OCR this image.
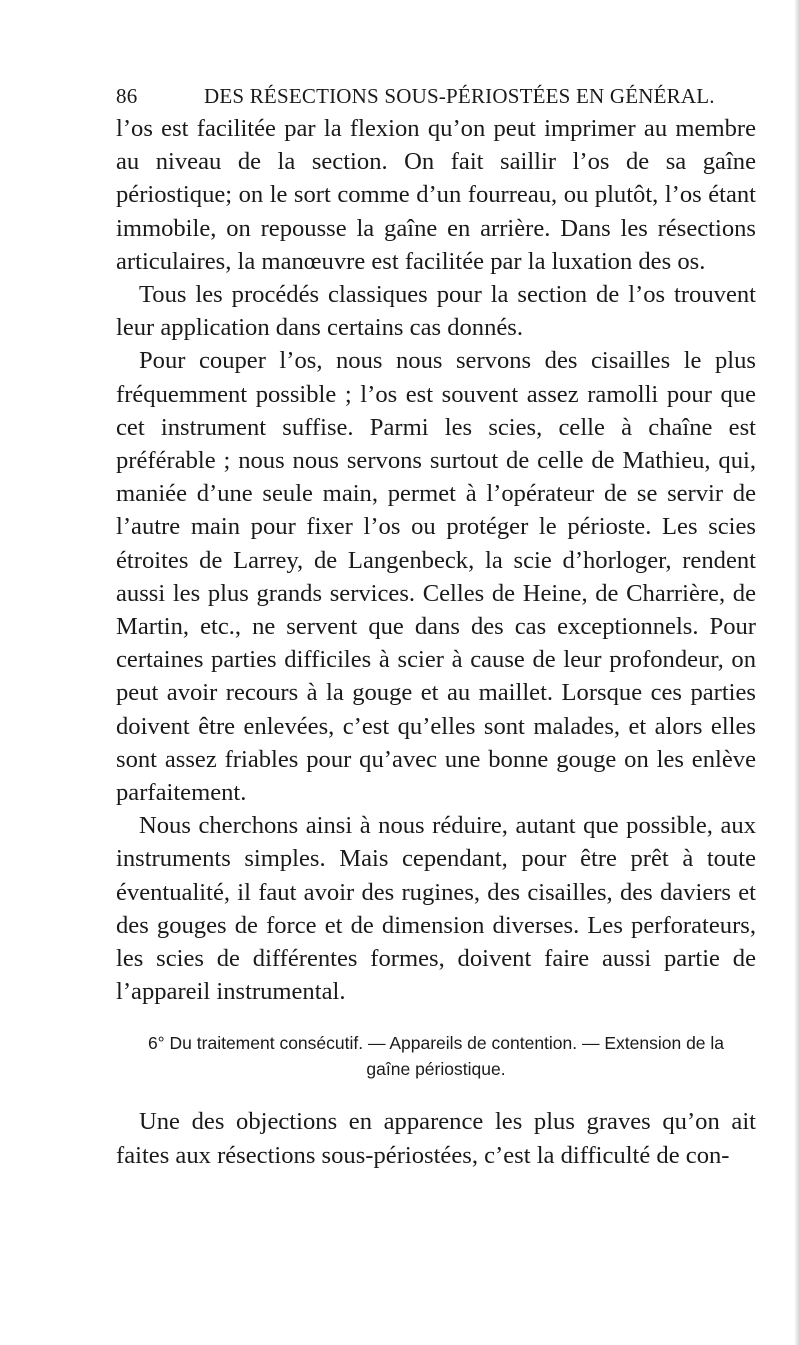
86	DES RÉSECTIONS SOUS-PÉRIOSTÉES EN GÉNÉRAL.

l’os est facilitée par la flexion qu’on peut imprimer au membre au niveau de la section. On fait saillir l’os de sa gaîne périostique; on le sort comme d’un fourreau, ou plutôt, l’os étant immobile, on repousse la gaîne en arrière. Dans les résections articulaires, la manœuvre est facilitée par la luxation des os.

Tous les procédés classiques pour la section de l’os trouvent leur application dans certains cas donnés.

Pour couper l’os, nous nous servons des cisailles le plus fréquemment possible ; l’os est souvent assez ramolli pour que cet instrument suffise. Parmi les scies, celle à chaîne est préférable ; nous nous servons surtout de celle de Mathieu, qui, maniée d’une seule main, permet à l’opérateur de se servir de l’autre main pour fixer l’os ou protéger le périoste. Les scies étroites de Larrey, de Langenbeck, la scie d’horloger, rendent aussi les plus grands services. Celles de Heine, de Charrière, de Martin, etc., ne servent que dans des cas exceptionnels. Pour certaines parties difficiles à scier à cause de leur profondeur, on peut avoir recours à la gouge et au maillet. Lorsque ces parties doivent être enlevées, c’est qu’elles sont malades, et alors elles sont assez friables pour qu’avec une bonne gouge on les enlève parfaitement.

Nous cherchons ainsi à nous réduire, autant que possible, aux instruments simples. Mais cependant, pour être prêt à toute éventualité, il faut avoir des rugines, des cisailles, des daviers et des gouges de force et de dimension diverses. Les perforateurs, les scies de différentes formes, doivent faire aussi partie de l’appareil instrumental.

6° Du traitement consécutif. — Appareils de contention. — Extension de la
gaîne périostique.

Une des objections en apparence les plus graves qu’on ait faites aux résections sous-périostées, c’est la difficulté de con-
